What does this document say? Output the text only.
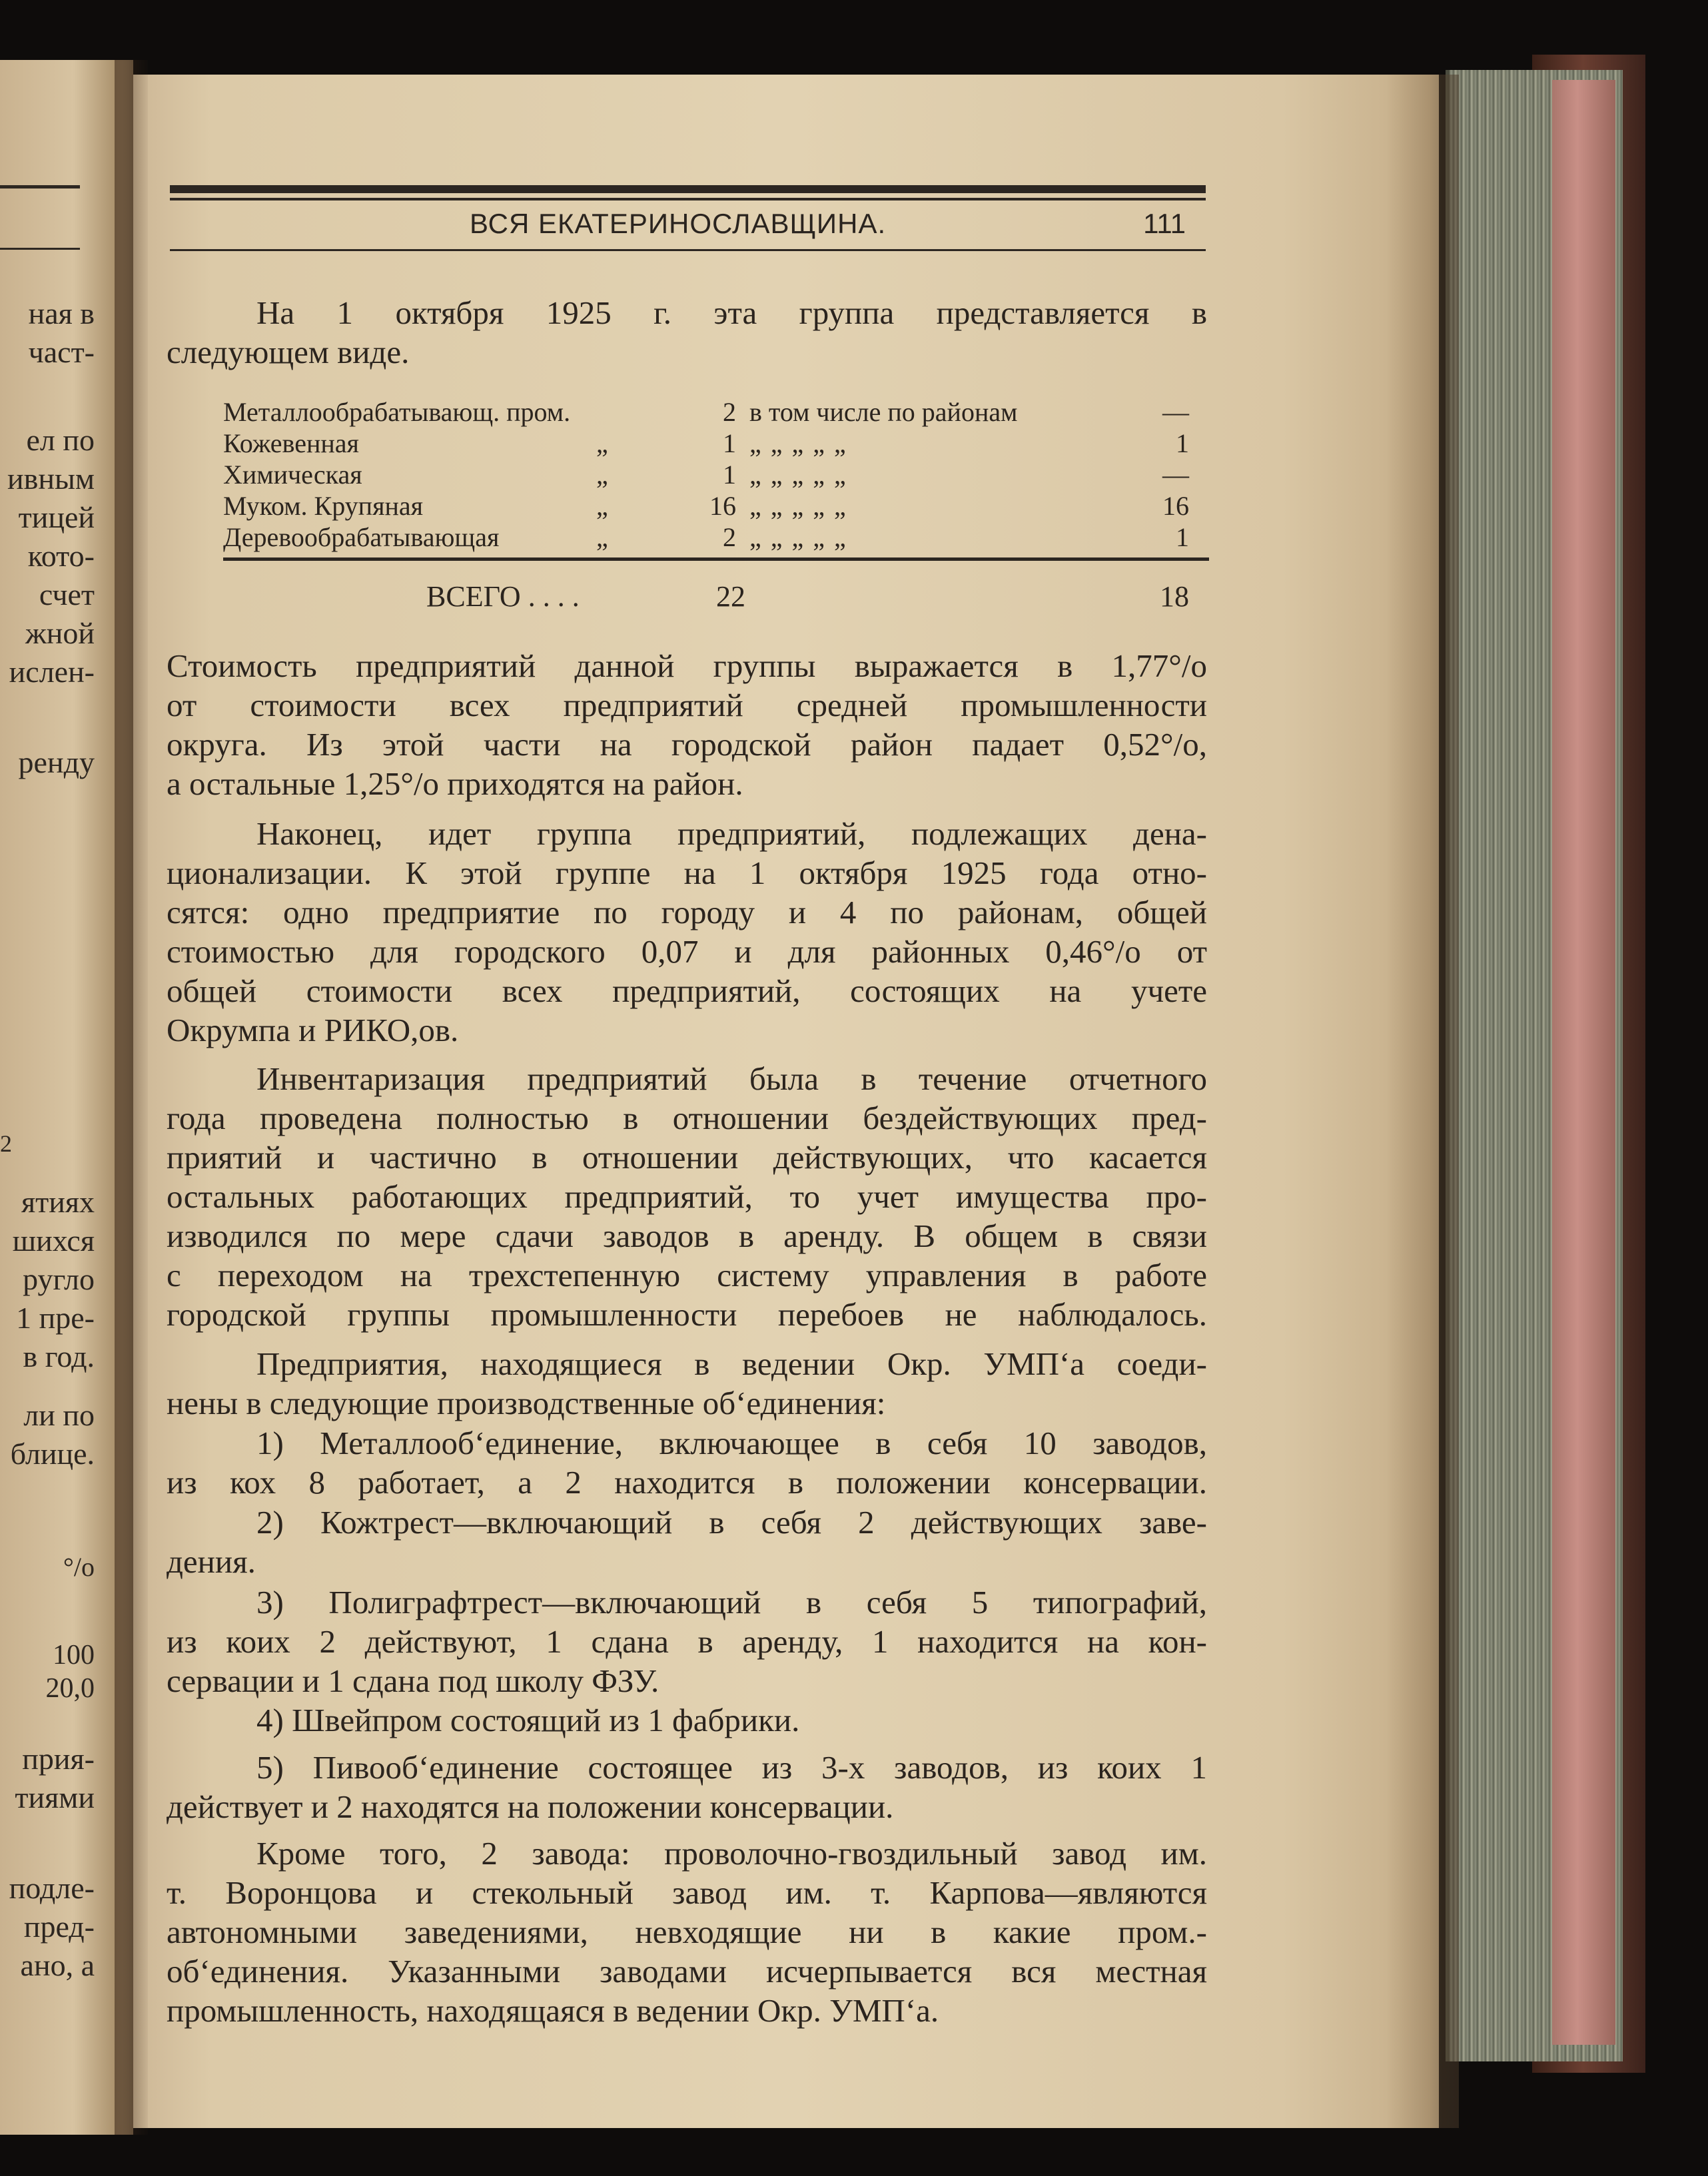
ная в
част-
ел по
ивным
тицей
кото-
счет
жной
ислен-
ренду
2
ятиях
шихся
ругло
1 пре-
в год.
ли по
блице.
°/о
100
20,0
прия-
тиями
подле-
пред-
ано, а
ВСЯ ЕКАТЕРИНОСЛАВЩИНА.	111
На 1 октября 1925 г. эта группа представляется в
следующем виде.
Металлообрабатывающ. пром.	2 в том числе по районам	—
Кожевенная	„	1 „ „ „ „ „	1
Химическая	„	1 „ „ „ „ „	—
Муком. Крупяная	„	16 „ „ „ „ „	16
Деревообрабатывающая	„	2 „ „ „ „ „	1
ВСЕГО . . . .	22	18
Стоимость предприятий данной группы выражается в 1,77°/о
от стоимости всех предприятий средней промышленности
округа. Из этой части на городской район падает 0,52°/о,
а остальные 1,25°/о приходятся на район.
Наконец, идет группа предприятий, подлежащих дена-
ционализации. К этой группе на 1 октября 1925 года отно-
сятся: одно предприятие по городу и 4 по районам, общей
стоимостью для городского 0,07 и для районных 0,46°/о от
общей стоимости всех предприятий, состоящих на учете
Окрумпа и РИКО,ов.
Инвентаризация предприятий была в течение отчетного
года проведена полностью в отношении бездействующих пред-
приятий и частично в отношении действующих, что касается
остальных работающих предприятий, то учет имущества про-
изводился по мере сдачи заводов в аренду. В общем в связи
с переходом на трехстепенную систему управления в работе
городской группы промышленности перебоев не наблюдалось.
Предприятия, находящиеся в ведении Окр. УМП‘а соеди-
нены в следующие производственные об‘единения:
1) Металлооб‘единение, включающее в себя 10 заводов,
из кох 8 работает, а 2 находится в положении консервации.
2) Кожтрест—включающий в себя 2 действующих заве-
дения.
3) Полиграфтрест—включающий в себя 5 типографий,
из коих 2 действуют, 1 сдана в аренду, 1 находится на кон-
сервации и 1 сдана под школу ФЗУ.
4) Швейпром состоящий из 1 фабрики.
5) Пивооб‘единение состоящее из 3-х заводов, из коих 1
действует и 2 находятся на положении консервации.
Кроме того, 2 завода: проволочно-гвоздильный завод им.
т. Воронцова и стекольный завод им. т. Карпова—являются
автономными заведениями, невходящие ни в какие пром.-
об‘единения. Указанными заводами исчерпывается вся местная
промышленность, находящаяся в ведении Окр. УМП‘а.
